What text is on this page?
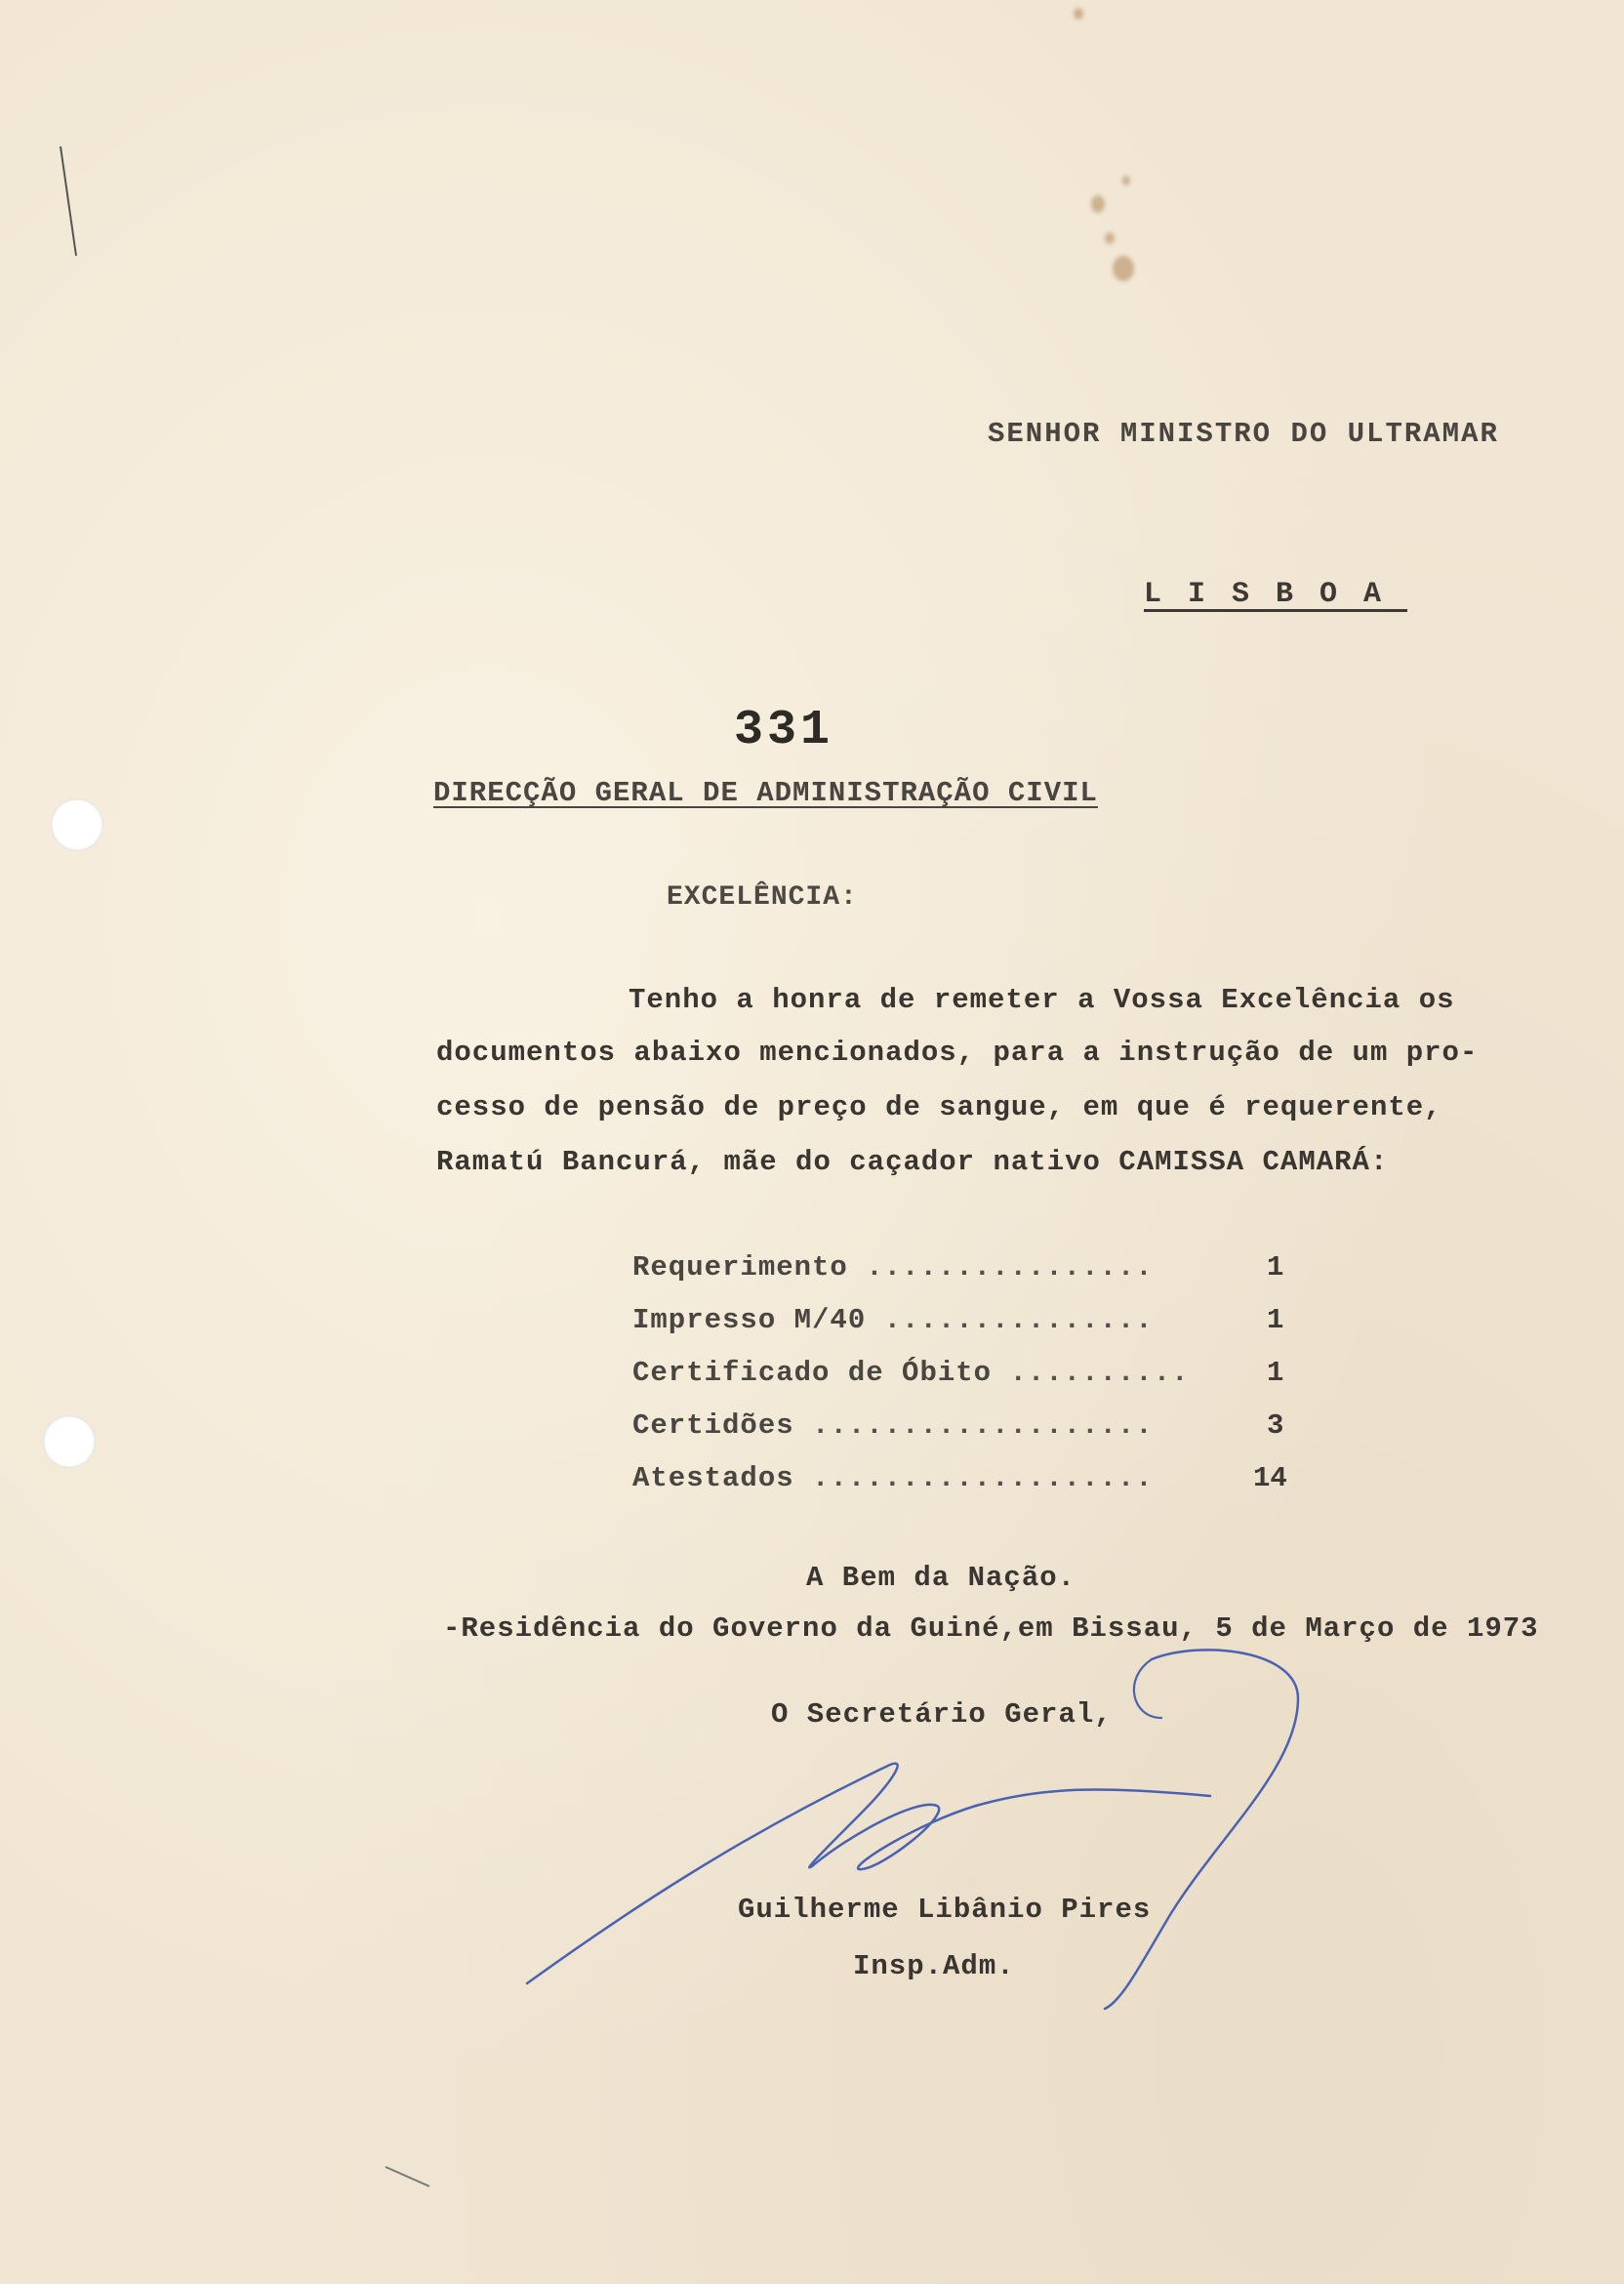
SENHOR MINISTRO DO ULTRAMAR
LISBOA
331
DIRECÇÃO GERAL DE ADMINISTRAÇÃO CIVIL
EXCELÊNCIA:
Tenho a honra de remeter a Vossa Excelência os
documentos abaixo mencionados, para a instrução de um pro-
cesso de pensão de preço de sangue, em que é requerente,
Ramatú Bancurá, mãe do caçador nativo CAMISSA CAMARÁ:
Requerimento ................	1
Impresso M/40 ...............	1
Certificado de Óbito ..........	1
Certidões ...................	3
Atestados ...................	14
A Bem da Nação.
-Residência do Governo da Guiné,em Bissau, 5 de Março de 1973
O Secretário Geral,
Guilherme Libânio Pires
Insp.Adm.
